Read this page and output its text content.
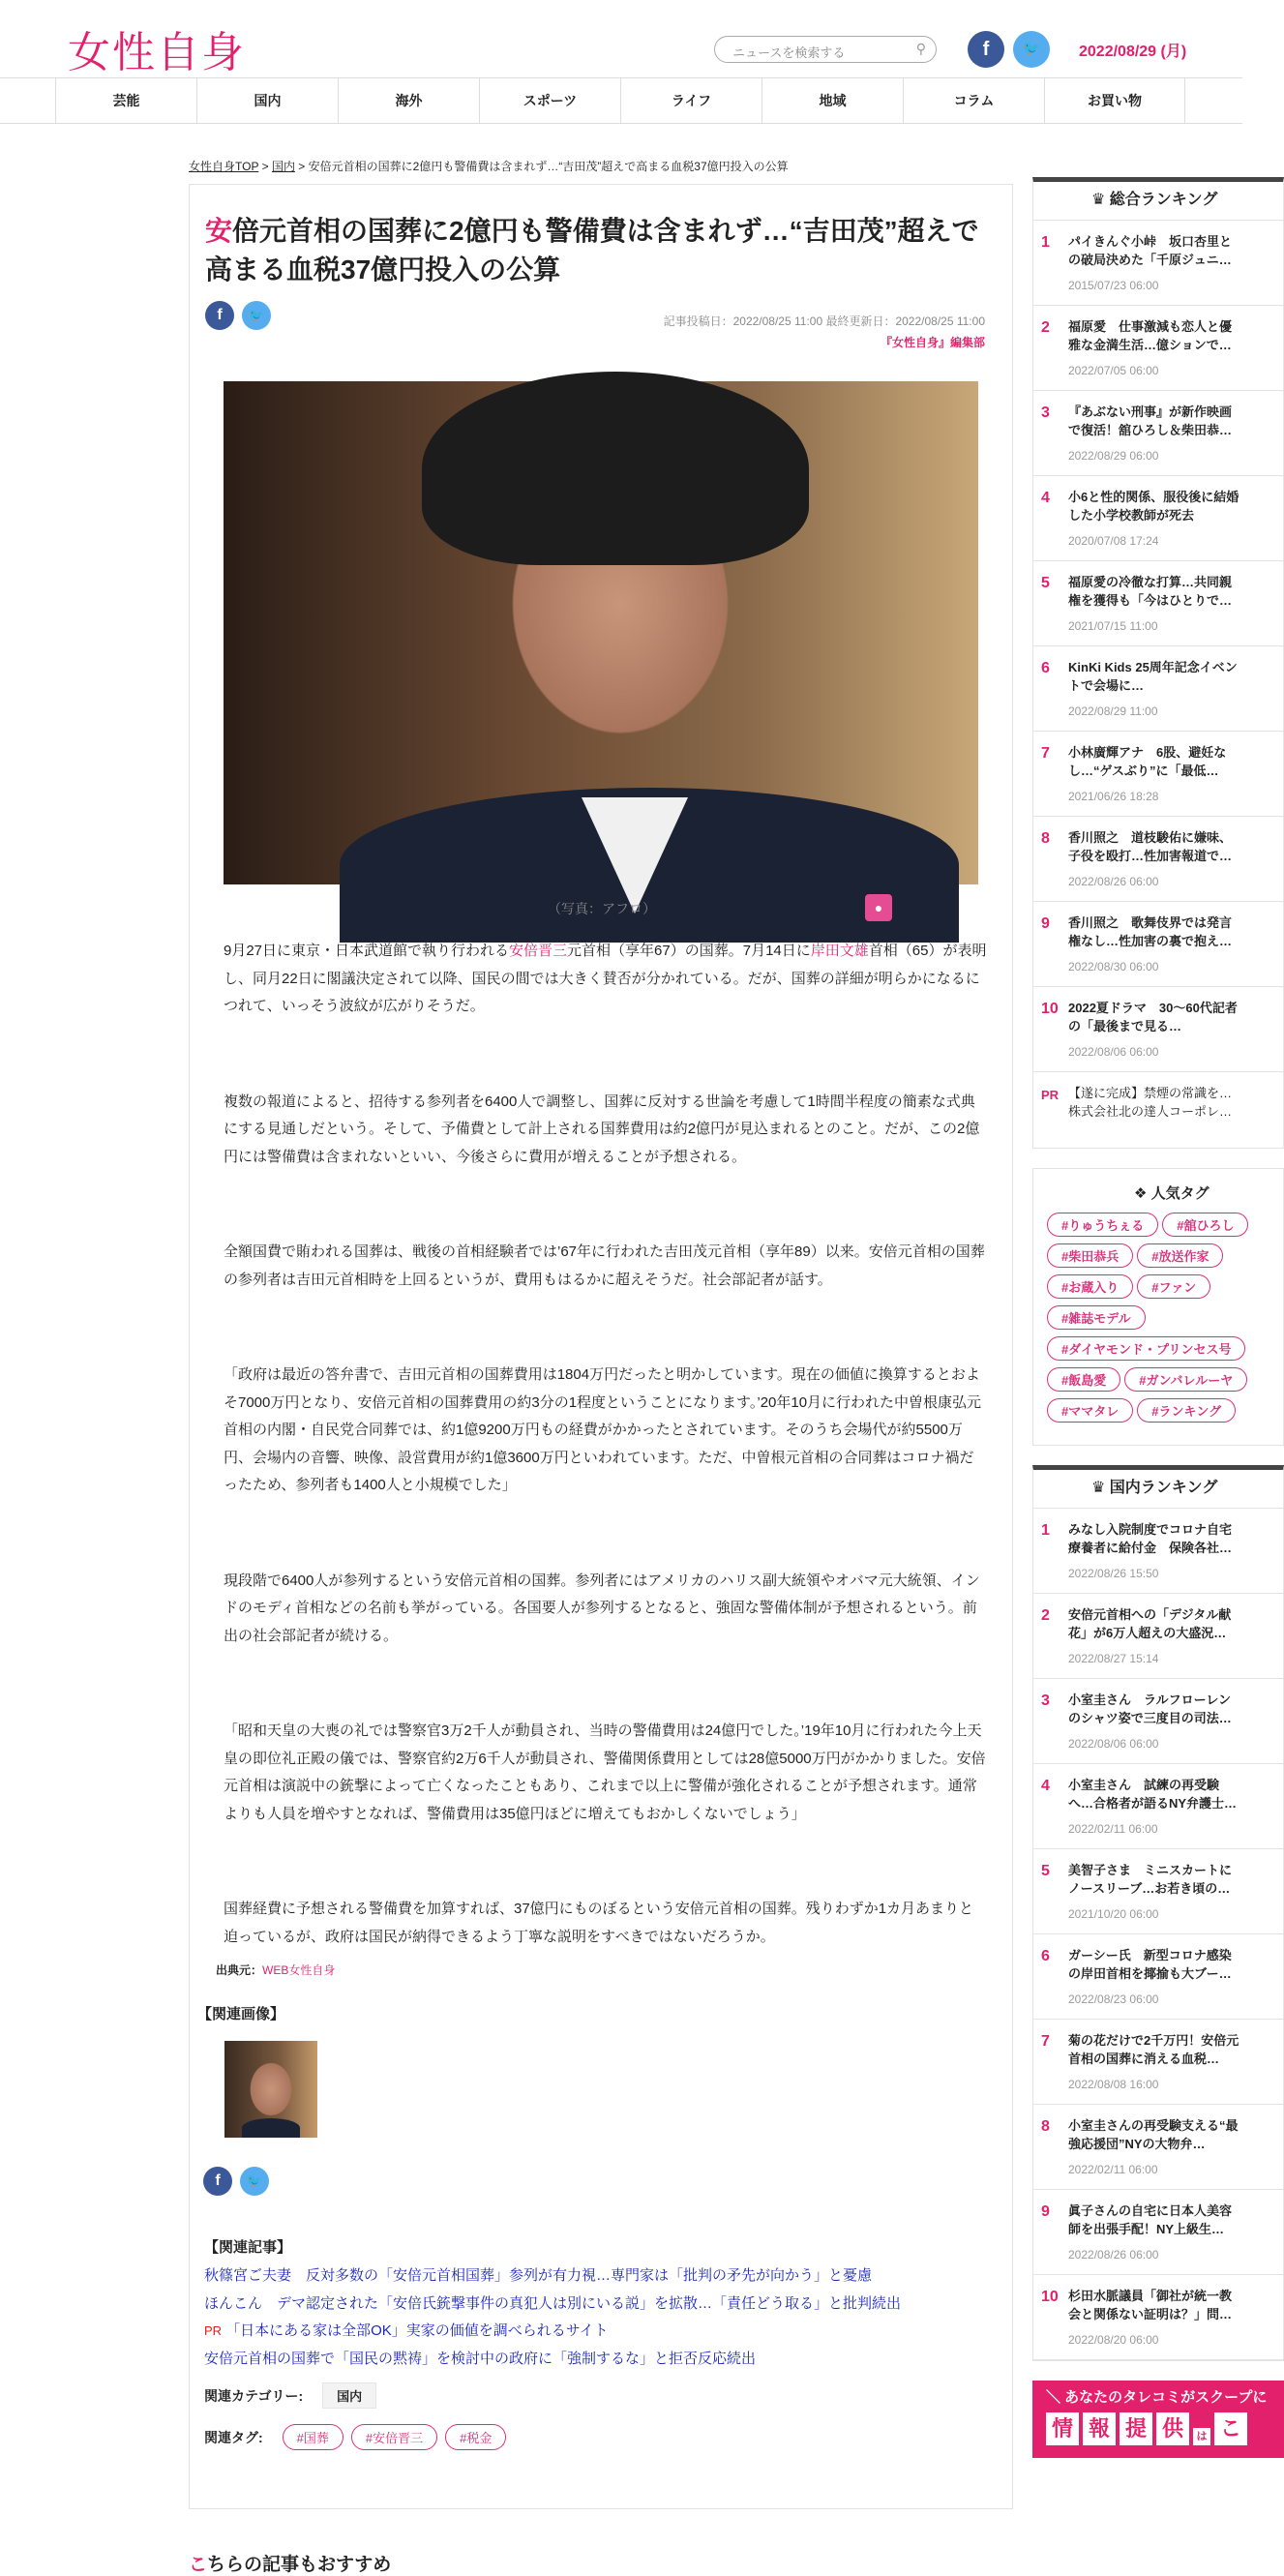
女性自身	ニュースを検索する	⚲	f	🐦	2022/08/29 (月)
芸能	国内	海外	スポーツ	ライフ	地域	コラム	お買い物
女性自身TOP > 国内 > 安倍元首相の国葬に2億円も警備費は含まれず…“吉田茂”超えで高まる血税37億円投入の公算
安倍元首相の国葬に2億円も警備費は含まれず…“吉田茂”超えで高まる血税37億円投入の公算
f	🐦	記事投稿日：2022/08/25 11:00 最終更新日：2022/08/25 11:00
『女性自身』編集部
（写真：アフロ）	●

9月27日に東京・日本武道館で執り行われる安倍晋三元首相（享年67）の国葬。7月14日に岸田文雄首相（65）が表明し、同月22日に閣議決定されて以降、国民の間では大きく賛否が分かれている。だが、国葬の詳細が明らかになるにつれて、いっそう波紋が広がりそうだ。

複数の報道によると、招待する参列者を6400人で調整し、国葬に反対する世論を考慮して1時間半程度の簡素な式典にする見通しだという。そして、予備費として計上される国葬費用は約2億円が見込まれるとのこと。だが、この2億円には警備費は含まれないといい、今後さらに費用が増えることが予想される。

全額国費で賄われる国葬は、戦後の首相経験者では’67年に行われた吉田茂元首相（享年89）以来。安倍元首相の国葬の参列者は吉田元首相時を上回るというが、費用もはるかに超えそうだ。社会部記者が話す。

「政府は最近の答弁書で、吉田元首相の国葬費用は1804万円だったと明かしています。現在の価値に換算するとおよそ7000万円となり、安倍元首相の国葬費用の約3分の1程度ということになります。’20年10月に行われた中曽根康弘元首相の内閣・自民党合同葬では、約1億9200万円もの経費がかかったとされています。そのうち会場代が約5500万円、会場内の音響、映像、設営費用が約1億3600万円といわれています。ただ、中曽根元首相の合同葬はコロナ禍だったため、参列者も1400人と小規模でした」

現段階で6400人が参列するという安倍元首相の国葬。参列者にはアメリカのハリス副大統領やオバマ元大統領、インドのモディ首相などの名前も挙がっている。各国要人が参列するとなると、強固な警備体制が予想されるという。前出の社会部記者が続ける。

「昭和天皇の大喪の礼では警察官3万2千人が動員され、当時の警備費用は24億円でした。’19年10月に行われた今上天皇の即位礼正殿の儀では、警察官約2万6千人が動員され、警備関係費用としては28億5000万円がかかりました。安倍元首相は演説中の銃撃によって亡くなったこともあり、これまで以上に警備が強化されることが予想されます。通常よりも人員を増やすとなれば、警備費用は35億円ほどに増えてもおかしくないでしょう」

国葬経費に予想される警備費を加算すれば、37億円にものぼるという安倍元首相の国葬。残りわずか1カ月あまりと迫っているが、政府は国民が納得できるよう丁寧な説明をすべきではないだろうか。

出典元：WEB女性自身
【関連画像】
f	🐦
【関連記事】
秋篠宮ご夫妻　反対多数の「安倍元首相国葬」参列が有力視…専門家は「批判の矛先が向かう」と憂慮
ほんこん　デマ認定された「安倍氏銃撃事件の真犯人は別にいる説」を拡散…「責任どう取る」と批判続出
PR 「日本にある家は全部OK」実家の価値を調べられるサイト
安倍元首相の国葬で「国民の黙祷」を検討中の政府に「強制するな」と拒否反応続出
関連カテゴリー:	国内
関連タグ:	#国葬	#安倍晋三	#税金
こちらの記事もおすすめ
♛ 総合ランキング
1	パイきんぐ小峠　坂口杏里との破局決めた「千原ジュニ…
2015/07/23 06:00
2	福原愛　仕事激減も恋人と優雅な金満生活…億ションで…
2022/07/05 06:00
3	『あぶない刑事』が新作映画で復活！舘ひろし＆柴田恭…
2022/08/29 06:00
4	小6と性的関係、服役後に結婚した小学校教師が死去
2020/07/08 17:24
5	福原愛の冷徹な打算…共同親権を獲得も「今はひとりで…
2021/07/15 11:00
6	KinKi Kids 25周年記念イベントで会場に…
2022/08/29 11:00
7	小林廣輝アナ　6股、避妊なし…“ゲスぶり”に「最低…
2021/06/26 18:28
8	香川照之　道枝駿佑に嫌味、子役を殴打…性加害報道で…
2022/08/26 06:00
9	香川照之　歌舞伎界では発言権なし…性加害の裏で抱え…
2022/08/30 06:00
10 2022夏ドラマ　30〜60代記者の「最後まで見る…
2022/08/06 06:00
PR 【遂に完成】禁煙の常識を…
株式会社北の達人コーポレ…
❖ 人気タグ
#りゅうちぇる	#舘ひろし
#柴田恭兵	#放送作家
#お蔵入り	#ファン
#雑誌モデル
#ダイヤモンド・プリンセス号
#飯島愛	#ガンバレルーヤ
#ママタレ	#ランキング
♛ 国内ランキング
1	みなし入院制度でコロナ自宅療養者に給付金　保険各社…
2022/08/26 15:50
2	安倍元首相への「デジタル献花」が6万人超えの大盛況…
2022/08/27 15:14
3	小室圭さん　ラルフローレンのシャツ姿で三度目の司法…
2022/08/06 06:00
4	小室圭さん　試練の再受験へ…合格者が語るNY弁護士…
2022/02/11 06:00
5	美智子さま　ミニスカートにノースリーブ…お若き頃の…
2021/10/20 06:00
6	ガーシー氏　新型コロナ感染の岸田首相を揶揄も大ブー…
2022/08/23 06:00
7	菊の花だけで2千万円！安倍元首相の国葬に消える血税…
2022/08/08 16:00
8	小室圭さんの再受験支える“最強応援団”NYの大物弁…
2022/02/11 06:00
9	眞子さんの自宅に日本人美容師を出張手配！NY上級生…
2022/08/26 06:00
10 杉田水脈議員「御社が統一教会と関係ない証明は？」問…
2022/08/20 06:00
＼ あなたのタレコミがスクープに
情 報 提 供	は こ
